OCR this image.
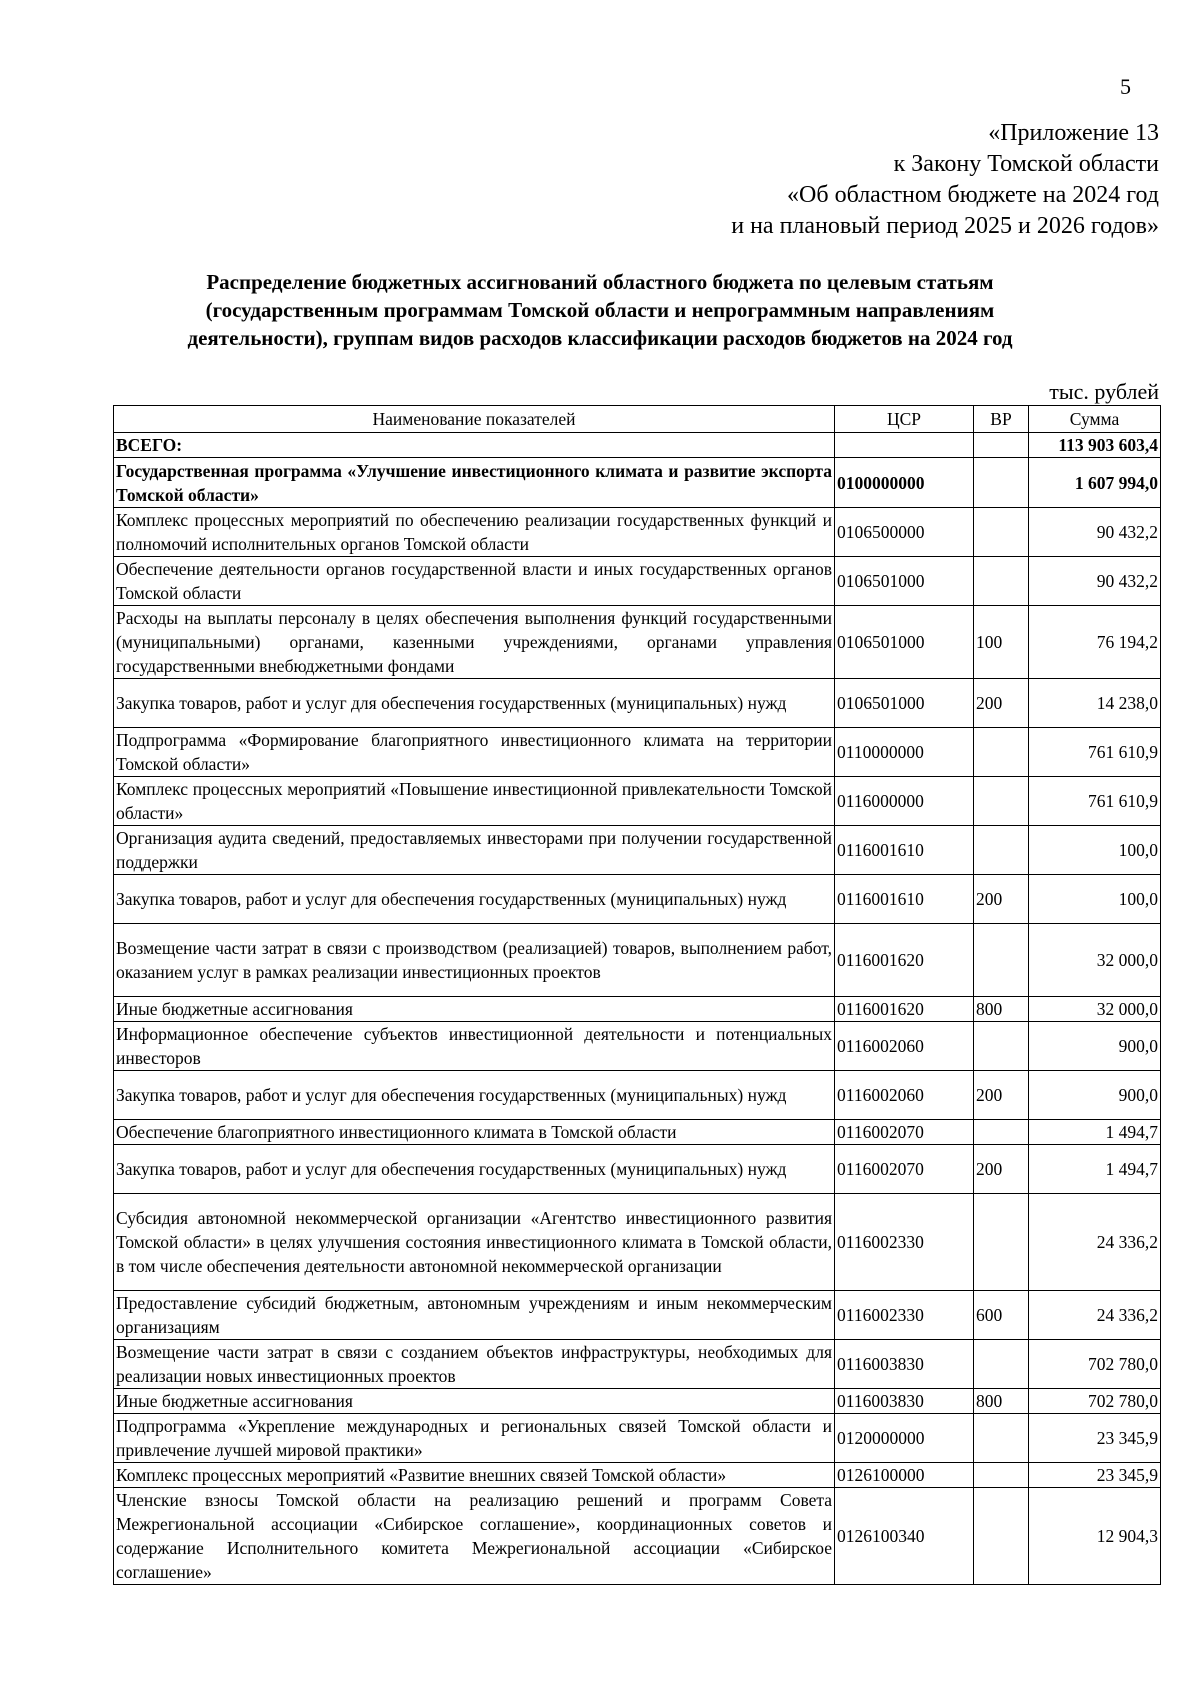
5
«Приложение 13
к Закону Томской области
«Об областном бюджете на 2024 год
и на плановый период 2025 и 2026 годов»
Распределение бюджетных ассигнований областного бюджета по целевым статьям
(государственным программам Томской области и непрограммным направлениям
деятельности), группам видов расходов классификации расходов бюджетов на 2024 год
тыс. рублей
Наименование показателей	ЦСР	ВР	Сумма
ВСЕГО:			113 903 603,4
Государственная программа «Улучшение инвестиционного климата и развитие экспорта Томской области»	0100000000		1 607 994,0
Комплекс процессных мероприятий по обеспечению реализации государственных функций и полномочий исполнительных органов Томской области	0106500000		90 432,2
Обеспечение деятельности органов государственной власти и иных государственных органов Томской области	0106501000		90 432,2
Расходы на выплаты персоналу в целях обеспечения выполнения функций государственными (муниципальными) органами, казенными учреждениями, органами управления государственными внебюджетными фондами	0106501000	100	76 194,2
Закупка товаров, работ и услуг для обеспечения государственных (муниципальных) нужд	0106501000	200	14 238,0
Подпрограмма «Формирование благоприятного инвестиционного климата на территории Томской области»	0110000000		761 610,9
Комплекс процессных мероприятий «Повышение инвестиционной привлекательности Томской области»	0116000000		761 610,9
Организация аудита сведений, предоставляемых инвесторами при получении государственной поддержки	0116001610		100,0
Закупка товаров, работ и услуг для обеспечения государственных (муниципальных) нужд	0116001610	200	100,0
Возмещение части затрат в связи с производством (реализацией) товаров, выполнением работ, оказанием услуг в рамках реализации инвестиционных проектов	0116001620		32 000,0
Иные бюджетные ассигнования	0116001620	800	32 000,0
Информационное обеспечение субъектов инвестиционной деятельности и потенциальных инвесторов	0116002060		900,0
Закупка товаров, работ и услуг для обеспечения государственных (муниципальных) нужд	0116002060	200	900,0
Обеспечение благоприятного инвестиционного климата в Томской области	0116002070		1 494,7
Закупка товаров, работ и услуг для обеспечения государственных (муниципальных) нужд	0116002070	200	1 494,7
Субсидия автономной некоммерческой организации «Агентство инвестиционного развития Томской области» в целях улучшения состояния инвестиционного климата в Томской области, в том числе обеспечения деятельности автономной некоммерческой организации	0116002330		24 336,2
Предоставление субсидий бюджетным, автономным учреждениям и иным некоммерческим организациям	0116002330	600	24 336,2
Возмещение части затрат в связи с созданием объектов инфраструктуры, необходимых для реализации новых инвестиционных проектов	0116003830		702 780,0
Иные бюджетные ассигнования	0116003830	800	702 780,0
Подпрограмма «Укрепление международных и региональных связей Томской области и привлечение лучшей мировой практики»	0120000000		23 345,9
Комплекс процессных мероприятий «Развитие внешних связей Томской области»	0126100000		23 345,9
Членские взносы Томской области на реализацию решений и программ Совета Межрегиональной ассоциации «Сибирское соглашение», координационных советов и содержание Исполнительного комитета Межрегиональной ассоциации «Сибирское соглашение»	0126100340		12 904,3
